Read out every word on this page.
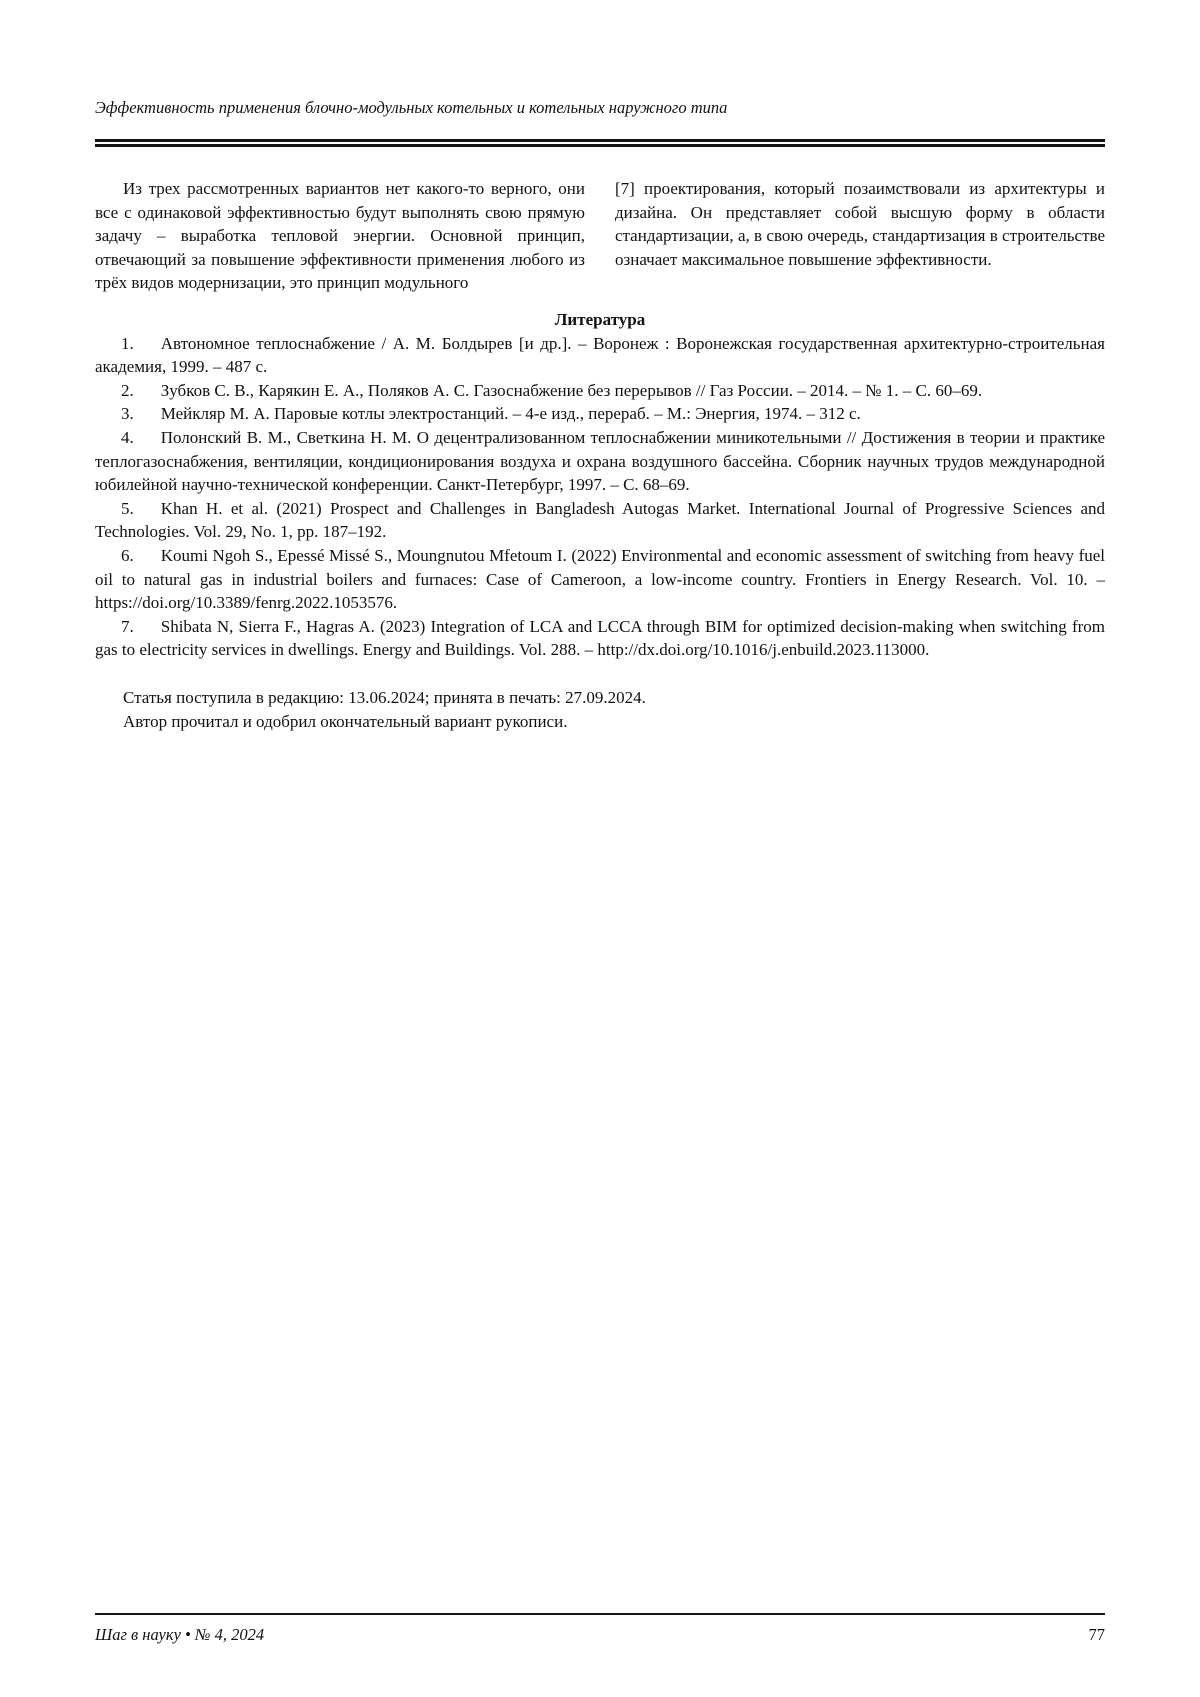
Эффективность применения блочно-модульных котельных и котельных наружного типа

Из трех рассмотренных вариантов нет какого-то верного, они все с одинаковой эффективностью будут выполнять свою прямую задачу – выработка тепловой энергии. Основной принцип, отвечающий за повышение эффективности применения любого из трёх видов модернизации, это принцип модульного

[7] проектирования, который позаимствовали из архитектуры и дизайна. Он представляет собой высшую форму в области стандартизации, а, в свою очередь, стандартизация в строительстве означает максимальное повышение эффективности.

Литература

1. Автономное теплоснабжение / А. М. Болдырев [и др.]. – Воронеж : Воронежская государственная архитектурно-строительная академия, 1999. – 487 с.

2. Зубков С. В., Карякин Е. А., Поляков А. С. Газоснабжение без перерывов // Газ России. – 2014. – № 1. – С. 60–69.

3. Мейкляр М. А. Паровые котлы электростанций. – 4-е изд., перераб. – М.: Энергия, 1974. – 312 с.

4. Полонский В. М., Светкина Н. М. О децентрализованном теплоснабжении миникотельными // Достижения в теории и практике теплогазоснабжения, вентиляции, кондиционирования воздуха и охрана воздушного бассейна. Сборник научных трудов международной юбилейной научно-технической конференции. Санкт-Петербург, 1997. – С. 68–69.

5. Khan H. et al. (2021) Prospect and Challenges in Bangladesh Autogas Market. International Journal of Progressive Sciences and Technologies. Vol. 29, No. 1, pp. 187–192.

6. Koumi Ngoh S., Epessé Missé S., Moungnutou Mfetoum I. (2022) Environmental and economic assessment of switching from heavy fuel oil to natural gas in industrial boilers and furnaces: Case of Cameroon, a low-income country. Frontiers in Energy Research. Vol. 10. – https://doi.org/10.3389/fenrg.2022.1053576.

7. Shibata N, Sierra F., Hagras A. (2023) Integration of LCA and LCCA through BIM for optimized decision-making when switching from gas to electricity services in dwellings. Energy and Buildings. Vol. 288. – http://dx.doi.org/10.1016/j.enbuild.2023.113000.

Статья поступила в редакцию: 13.06.2024; принята в печать: 27.09.2024.

Автор прочитал и одобрил окончательный вариант рукописи.

Шаг в науку • № 4, 2024	77
